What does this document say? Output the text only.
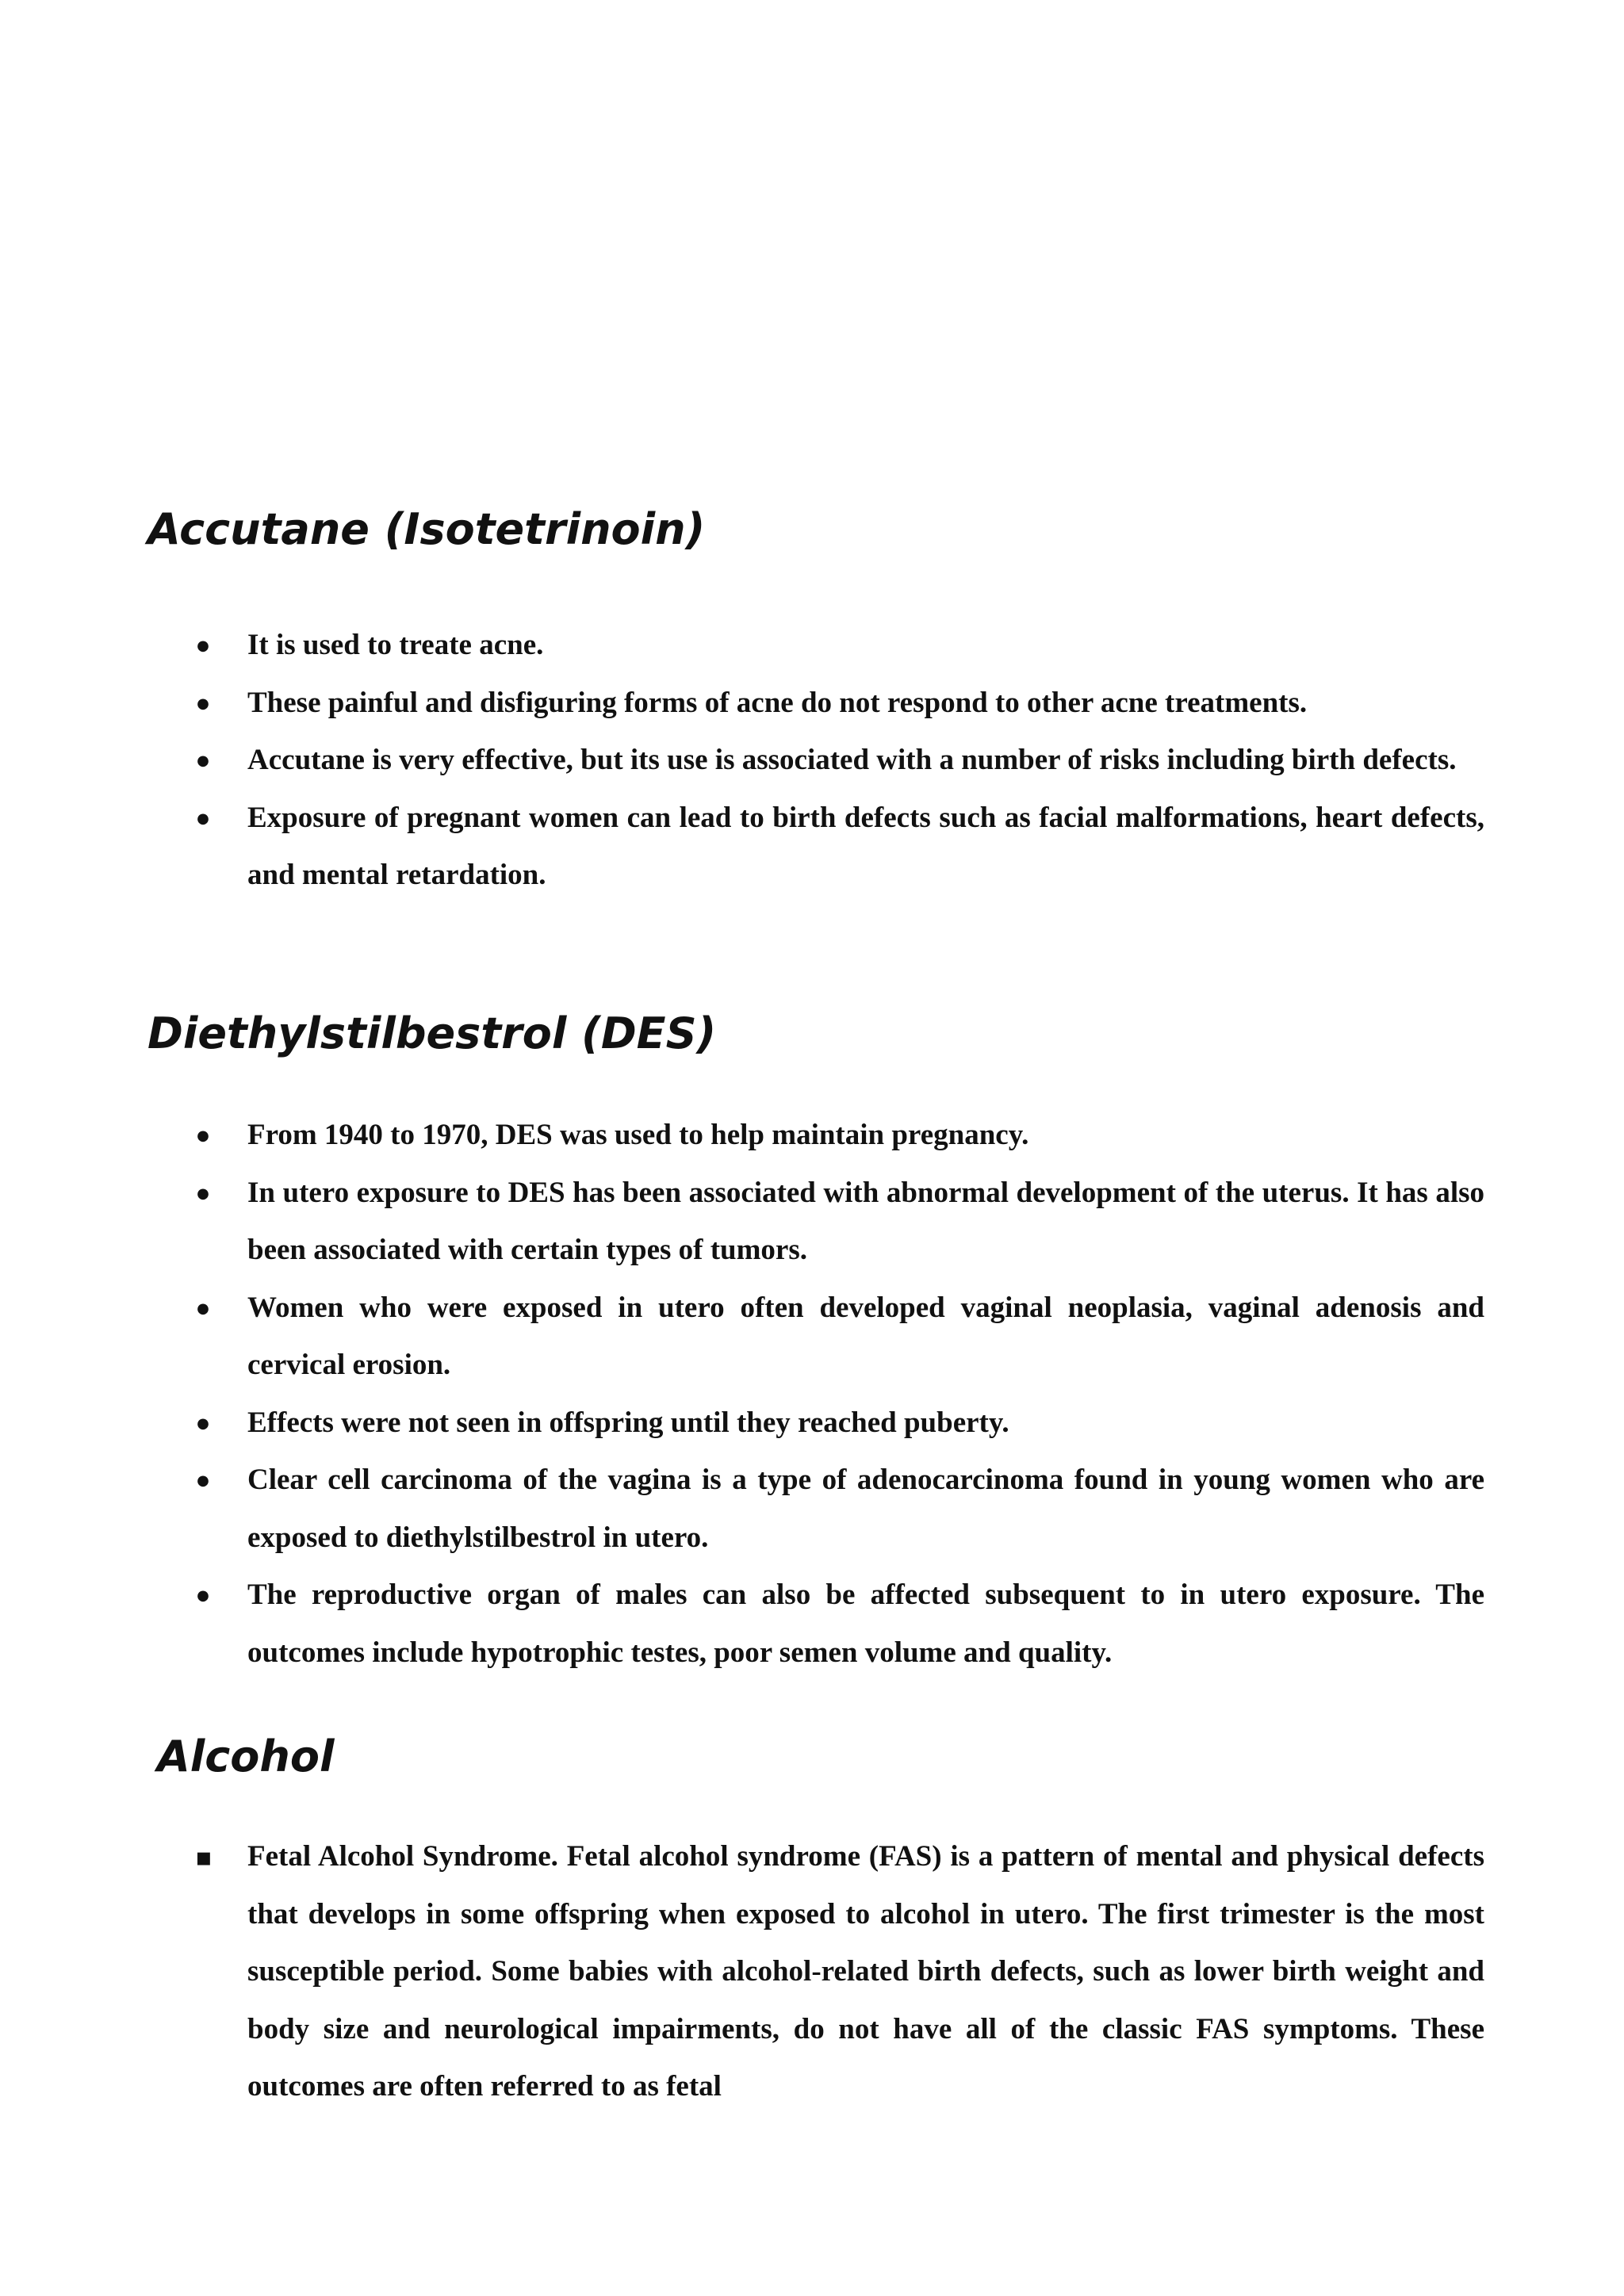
Accutane (Isotetrinoin)
●
It is used to treate acne.
●
These painful and disfiguring forms of acne do not respond to other acne treatments.
●
Accutane is very effective, but its use is associated with a number of risks including birth defects.
●
Exposure of pregnant women can lead to birth defects such as facial malformations, heart defects, and mental retardation.
Diethylstilbestrol (DES)
●
From 1940 to 1970, DES was used to help maintain pregnancy.
●
In utero exposure to DES has been associated with abnormal development of the uterus. It has also been associated with certain types of tumors.
●
Women who were exposed in utero often developed vaginal neoplasia, vaginal adenosis and cervical erosion.
●
Effects were not seen in offspring until they reached puberty.
●
Clear cell carcinoma of the vagina is a type of adenocarcinoma found in young women who are exposed to diethylstilbestrol in utero.
●
The reproductive organ of males can also be affected subsequent to in utero exposure. The outcomes include hypotrophic testes, poor semen volume and quality.
Alcohol
▪
Fetal Alcohol Syndrome. Fetal alcohol syndrome (FAS) is a pattern of mental and physical defects that develops in some offspring when exposed to alcohol in utero. The first trimester is the most susceptible period. Some babies with alcohol-related birth defects, such as lower birth weight and body size and neurological impairments, do not have all of the classic FAS symptoms. These outcomes are often referred to as fetal
